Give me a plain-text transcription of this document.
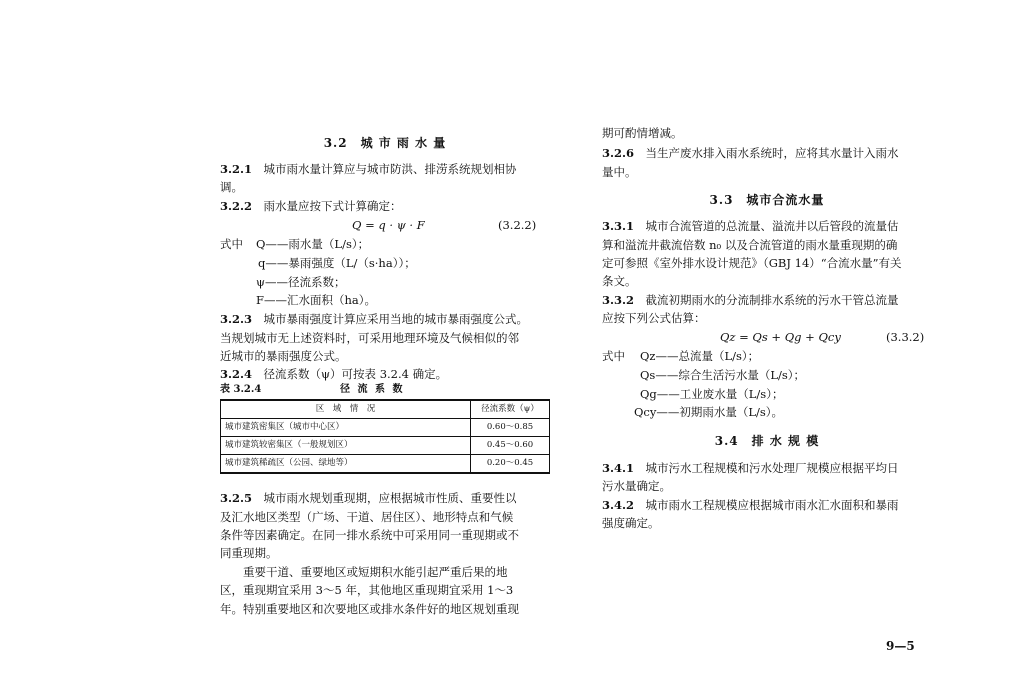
3.2　城 市 雨 水 量
3.2.1　 城市雨水量计算应与城市防洪、排涝系统规划相协
调。
3.2.2　 雨水量应按下式计算确定：
Q = q · ψ · F	(3.2.2)
式中 Q——雨水量（L/s）；
q——暴雨强度（L/（s·ha））；
ψ——径流系数；
F——汇水面积（ha）。
3.2.3　 城市暴雨强度计算应采用当地的城市暴雨强度公式。
当规划城市无上述资料时，可采用地理环境及气候相似的邻
近城市的暴雨强度公式。
3.2.4　 径流系数（ψ）可按表 3.2.4 确定。
表 3.2.4	径 流 系 数
区　域　情　况	径流系数（ψ）
城市建筑密集区（城市中心区）	0.60～0.85
城市建筑较密集区（一般规划区）	0.45～0.60
城市建筑稀疏区（公园、绿地等）	0.20～0.45
3.2.5　 城市雨水规划重现期，应根据城市性质、重要性以
及汇水地区类型（广场、干道、居住区）、地形特点和气候
条件等因素确定。在同一排水系统中可采用同一重现期或不
同重现期。
重要干道、重要地区或短期积水能引起严重后果的地
区，重现期宜采用 3～5 年，其他地区重现期宜采用 1～3
年。特别重要地区和次要地区或排水条件好的地区规划重现
期可酌情增减。
3.2.6　 当生产废水排入雨水系统时，应将其水量计入雨水
量中。
3.3　城市合流水量
3.3.1　 城市合流管道的总流量、溢流井以后管段的流量估
算和溢流井截流倍数 n₀ 以及合流管道的雨水量重现期的确
定可参照《室外排水设计规范》（GBJ 14）“合流水量”有关
条文。
3.3.2　 截流初期雨水的分流制排水系统的污水干管总流量
应按下列公式估算：
Qz = Qs + Qg + Qcy	(3.3.2)
式中 Qz——总流量（L/s）；
Qs——综合生活污水量（L/s）；
Qg——工业废水量（L/s）；
Qcy——初期雨水量（L/s）。
3.4　排 水 规 模
3.4.1　 城市污水工程规模和污水处理厂规模应根据平均日
污水量确定。
3.4.2　 城市雨水工程规模应根据城市雨水汇水面积和暴雨
强度确定。
9—5
